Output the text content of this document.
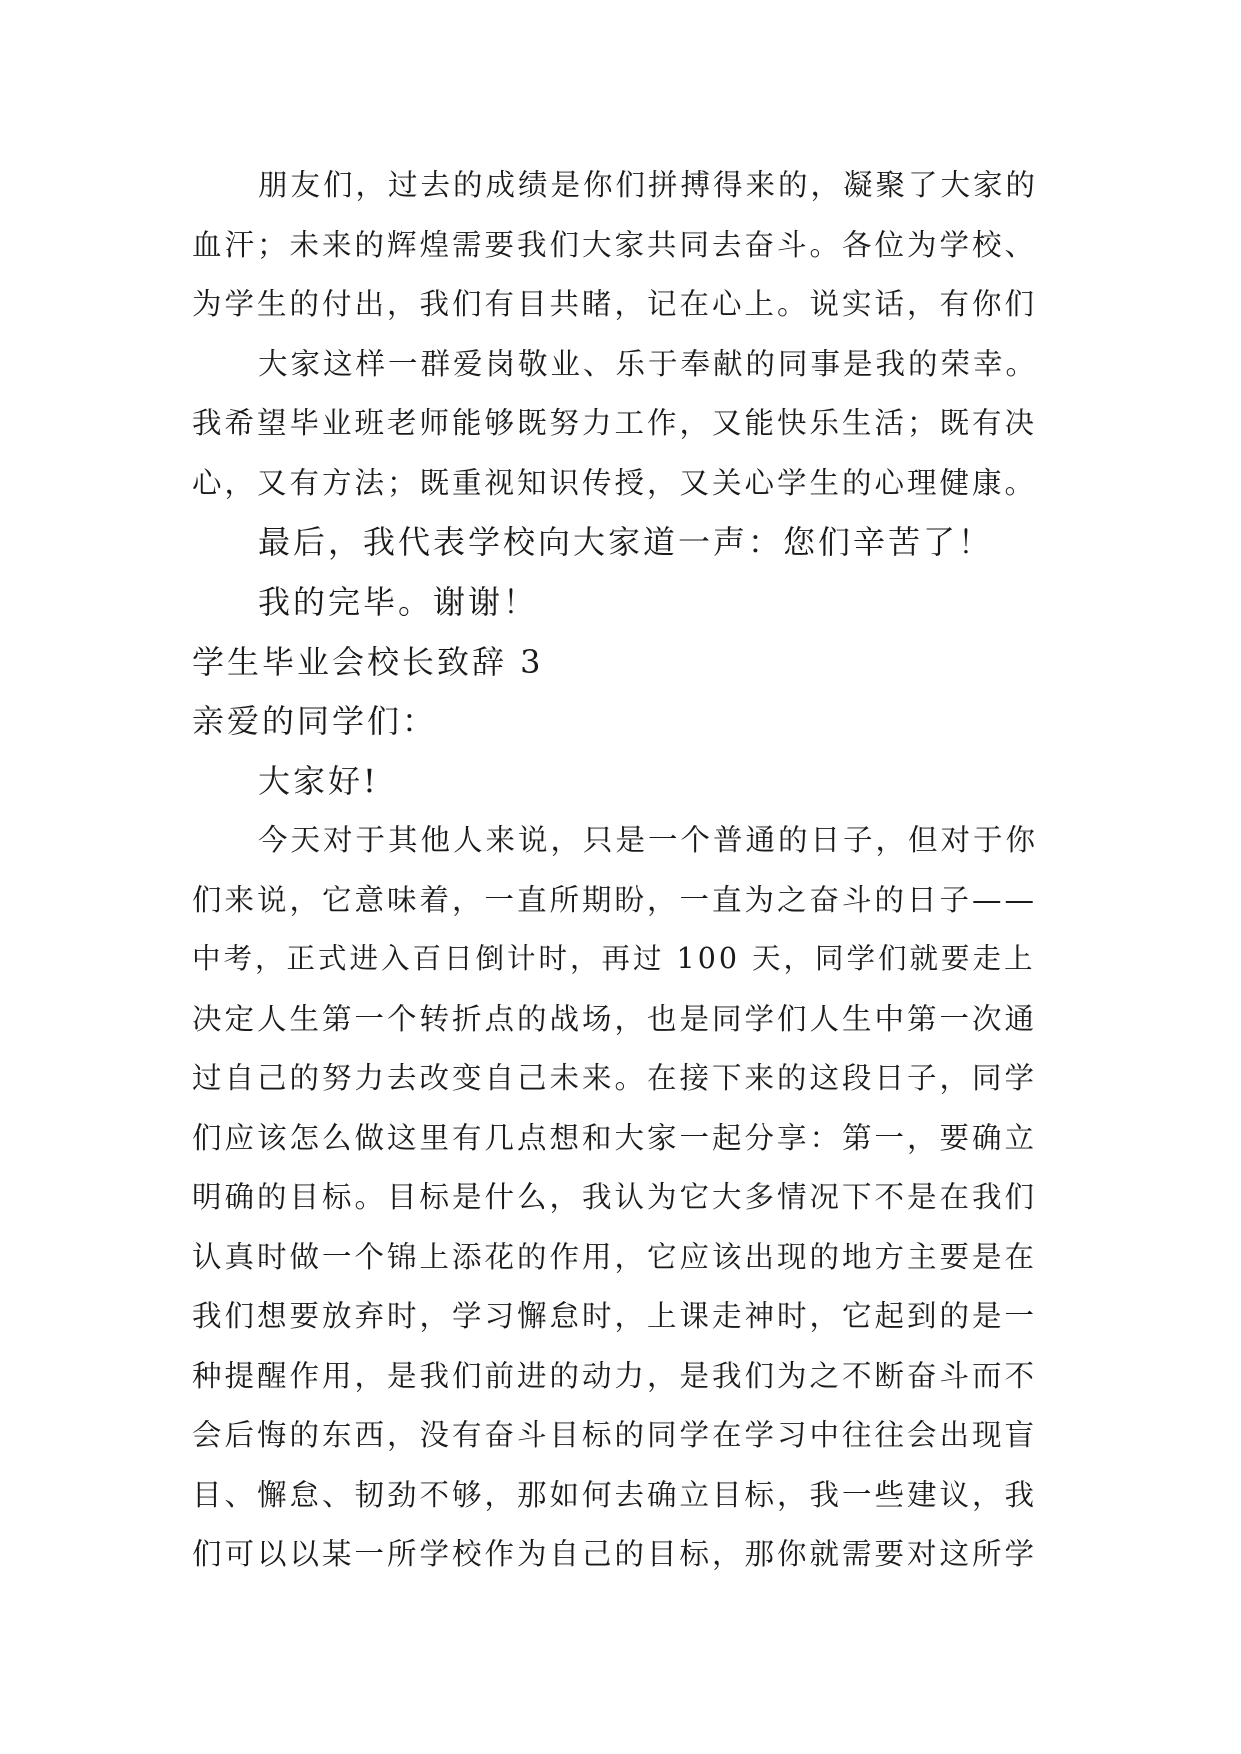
朋友们，过去的成绩是你们拼搏得来的，凝聚了大家的
血汗；未来的辉煌需要我们大家共同去奋斗。各位为学校、
为学生的付出，我们有目共睹，记在心上。说实话，有你们
大家这样一群爱岗敬业、乐于奉献的同事是我的荣幸。
我希望毕业班老师能够既努力工作，又能快乐生活；既有决
心，又有方法；既重视知识传授，又关心学生的心理健康。
最后，我代表学校向大家道一声：您们辛苦了！
我的完毕。谢谢！
学生毕业会校长致辞 3
亲爱的同学们：
大家好!
今天对于其他人来说，只是一个普通的日子，但对于你
们来说，它意味着，一直所期盼，一直为之奋斗的日子——
中考，正式进入百日倒计时，再过 100 天，同学们就要走上
决定人生第一个转折点的战场，也是同学们人生中第一次通
过自己的努力去改变自己未来。在接下来的这段日子，同学
们应该怎么做这里有几点想和大家一起分享：第一，要确立
明确的目标。目标是什么，我认为它大多情况下不是在我们
认真时做一个锦上添花的作用，它应该出现的地方主要是在
我们想要放弃时，学习懈怠时，上课走神时，它起到的是一
种提醒作用，是我们前进的动力，是我们为之不断奋斗而不
会后悔的东西，没有奋斗目标的同学在学习中往往会出现盲
目、懈怠、韧劲不够，那如何去确立目标，我一些建议，我
们可以以某一所学校作为自己的目标，那你就需要对这所学
